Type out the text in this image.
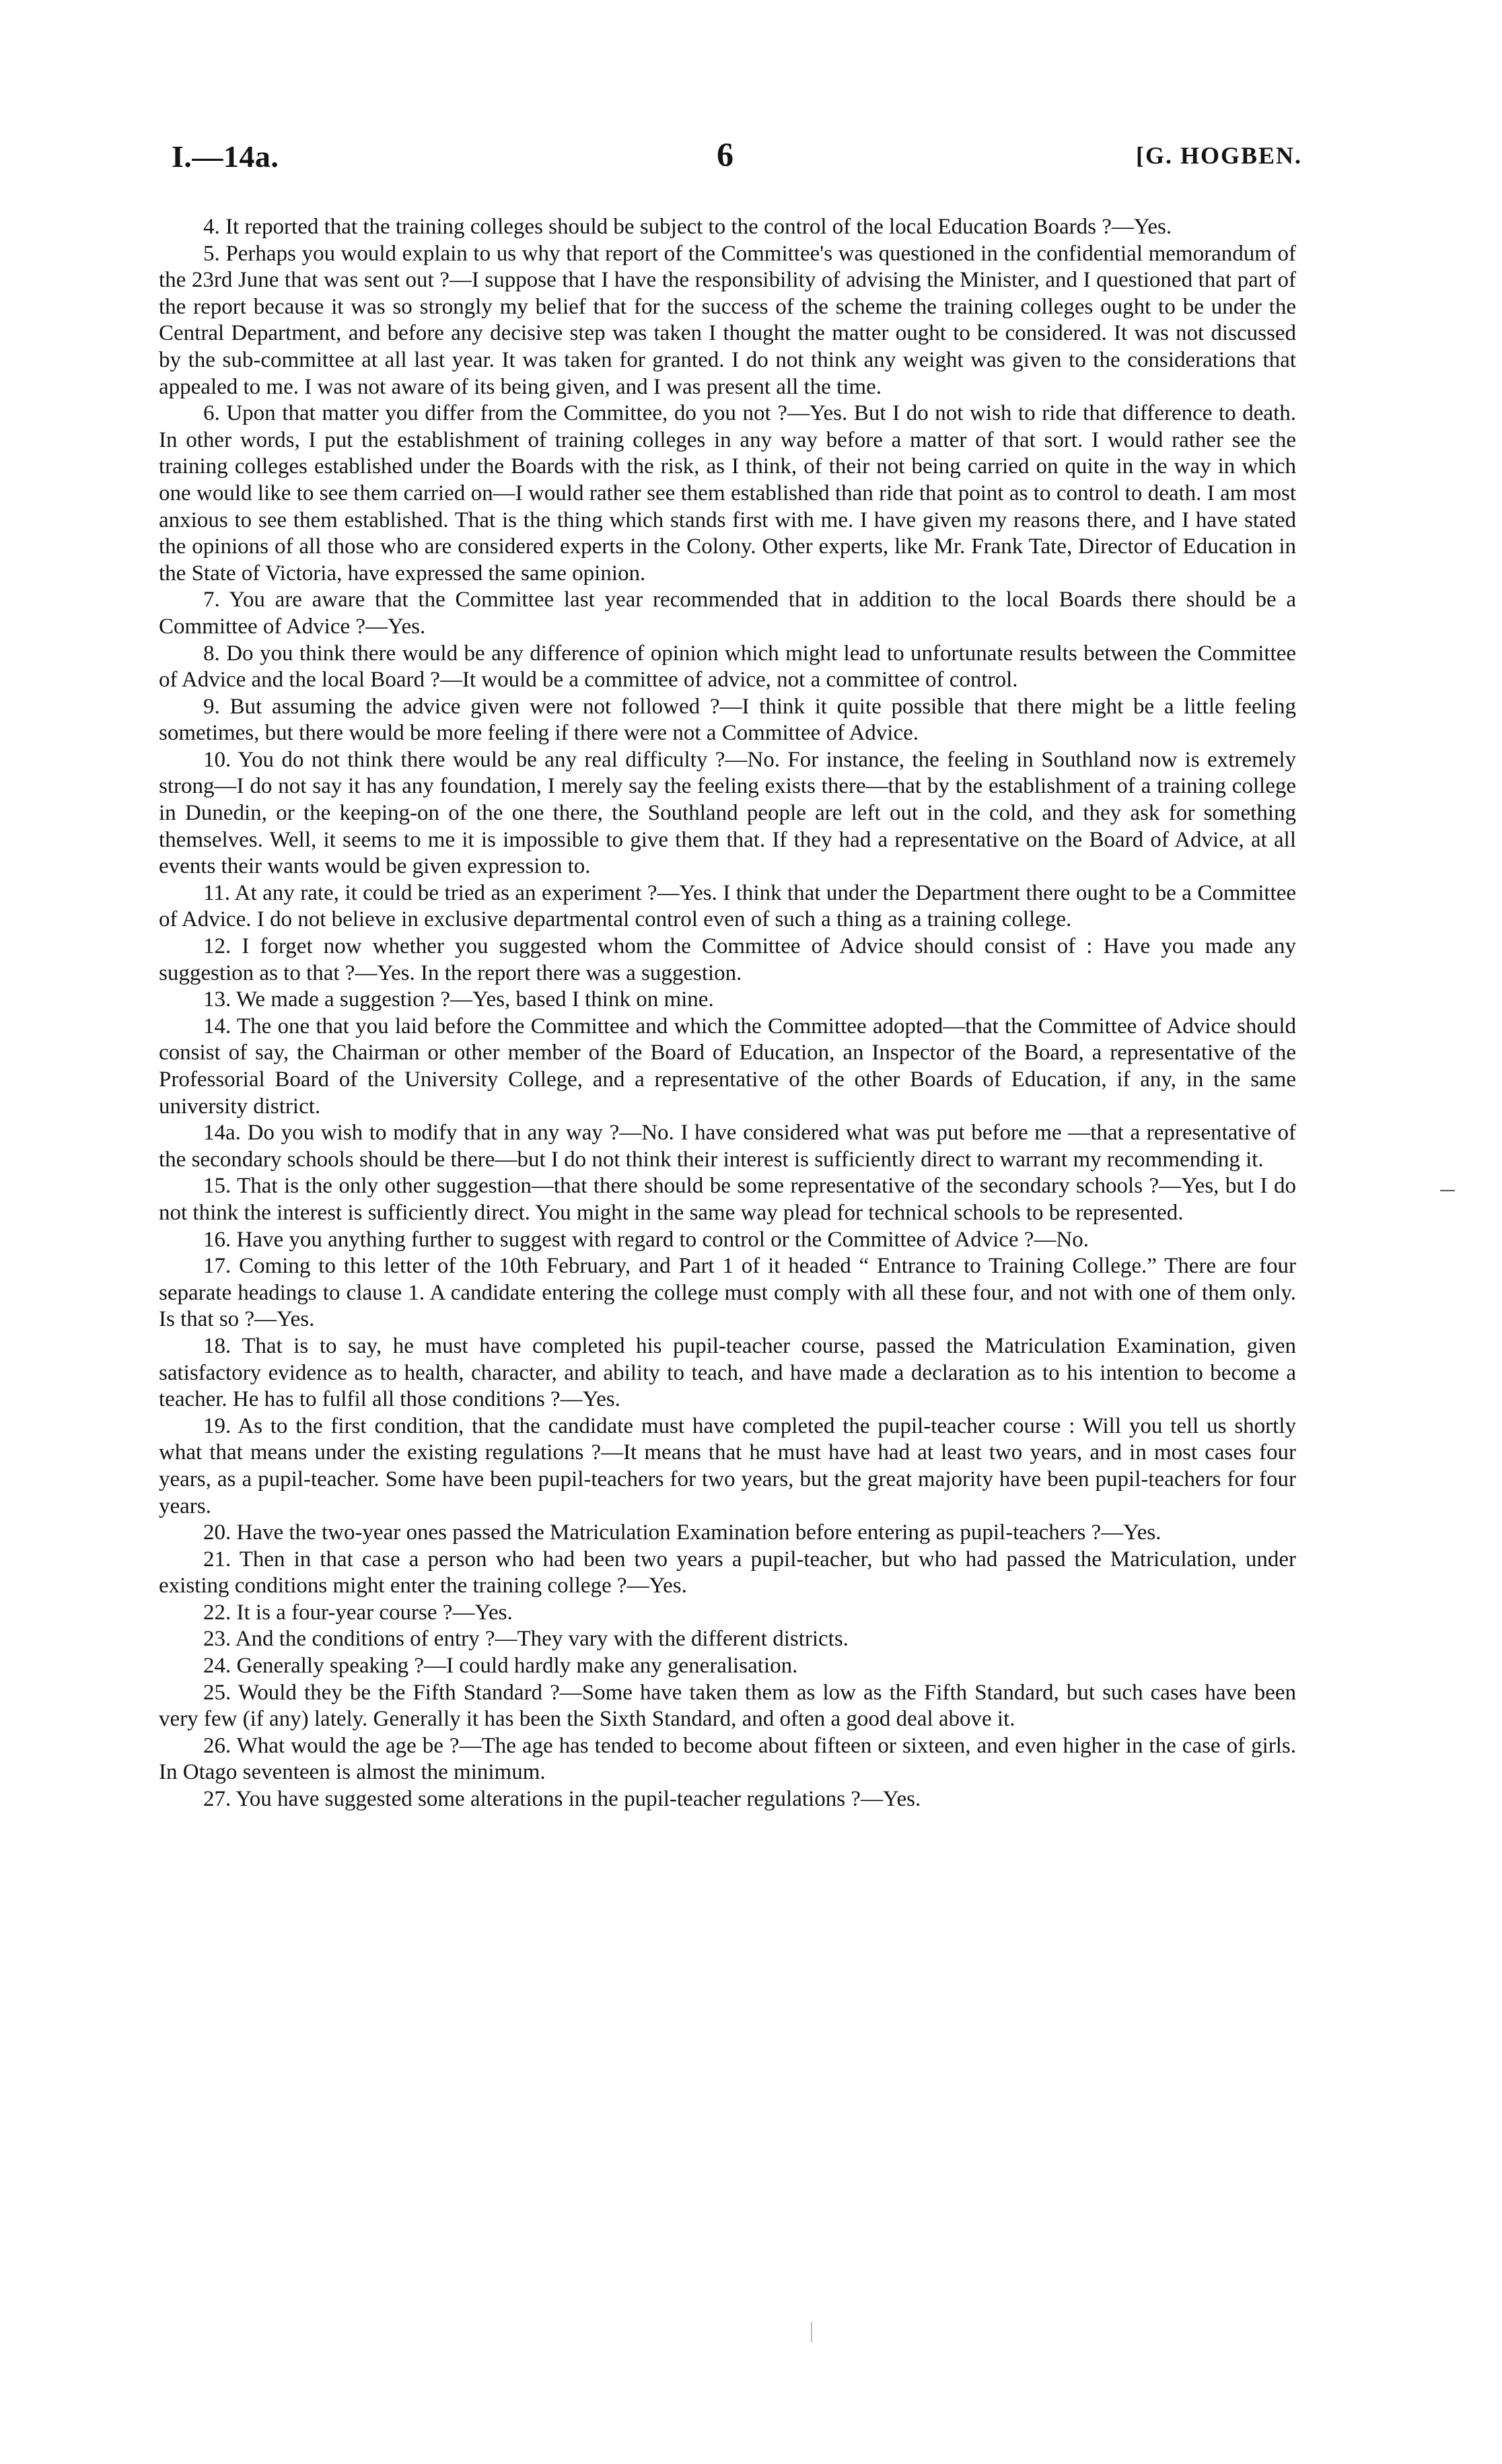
I.—14a.	6	[G. HOGBEN.

4. It reported that the training colleges should be subject to the control of the local Education Boards ?—Yes.

5. Perhaps you would explain to us why that report of the Committee's was questioned in the confidential memorandum of the 23rd June that was sent out ?—I suppose that I have the responsibility of advising the Minister, and I questioned that part of the report because it was so strongly my belief that for the success of the scheme the training colleges ought to be under the Central Department, and before any decisive step was taken I thought the matter ought to be considered. It was not discussed by the sub-committee at all last year. It was taken for granted. I do not think any weight was given to the considerations that appealed to me. I was not aware of its being given, and I was present all the time.

6. Upon that matter you differ from the Committee, do you not ?—Yes. But I do not wish to ride that difference to death. In other words, I put the establishment of training colleges in any way before a matter of that sort. I would rather see the training colleges established under the Boards with the risk, as I think, of their not being carried on quite in the way in which one would like to see them carried on—I would rather see them established than ride that point as to control to death. I am most anxious to see them established. That is the thing which stands first with me. I have given my reasons there, and I have stated the opinions of all those who are considered experts in the Colony. Other experts, like Mr. Frank Tate, Director of Education in the State of Victoria, have expressed the same opinion.

7. You are aware that the Committee last year recommended that in addition to the local Boards there should be a Committee of Advice ?—Yes.

8. Do you think there would be any difference of opinion which might lead to unfortunate results between the Committee of Advice and the local Board ?—It would be a committee of advice, not a committee of control.

9. But assuming the advice given were not followed ?—I think it quite possible that there might be a little feeling sometimes, but there would be more feeling if there were not a Committee of Advice.

10. You do not think there would be any real difficulty ?—No. For instance, the feeling in Southland now is extremely strong—I do not say it has any foundation, I merely say the feeling exists there—that by the establishment of a training college in Dunedin, or the keeping-on of the one there, the Southland people are left out in the cold, and they ask for something themselves. Well, it seems to me it is impossible to give them that. If they had a representative on the Board of Advice, at all events their wants would be given expression to.

11. At any rate, it could be tried as an experiment ?—Yes. I think that under the Department there ought to be a Committee of Advice. I do not believe in exclusive departmental control even of such a thing as a training college.

12. I forget now whether you suggested whom the Committee of Advice should consist of : Have you made any suggestion as to that ?—Yes. In the report there was a suggestion.

13. We made a suggestion ?—Yes, based I think on mine.

14. The one that you laid before the Committee and which the Committee adopted—that the Committee of Advice should consist of say, the Chairman or other member of the Board of Education, an Inspector of the Board, a representative of the Professorial Board of the University College, and a representative of the other Boards of Education, if any, in the same university district.

14a. Do you wish to modify that in any way ?—No. I have considered what was put before me —that a representative of the secondary schools should be there—but I do not think their interest is sufficiently direct to warrant my recommending it.

15. That is the only other suggestion—that there should be some representative of the secondary schools ?—Yes, but I do not think the interest is sufficiently direct. You might in the same way plead for technical schools to be represented.

16. Have you anything further to suggest with regard to control or the Committee of Advice ?—No.

17. Coming to this letter of the 10th February, and Part 1 of it headed “ Entrance to Training College.” There are four separate headings to clause 1. A candidate entering the college must comply with all these four, and not with one of them only. Is that so ?—Yes.

18. That is to say, he must have completed his pupil-teacher course, passed the Matriculation Examination, given satisfactory evidence as to health, character, and ability to teach, and have made a declaration as to his intention to become a teacher. He has to fulfil all those conditions ?—Yes.

19. As to the first condition, that the candidate must have completed the pupil-teacher course : Will you tell us shortly what that means under the existing regulations ?—It means that he must have had at least two years, and in most cases four years, as a pupil-teacher. Some have been pupil-teachers for two years, but the great majority have been pupil-teachers for four years.

20. Have the two-year ones passed the Matriculation Examination before entering as pupil-teachers ?—Yes.

21. Then in that case a person who had been two years a pupil-teacher, but who had passed the Matriculation, under existing conditions might enter the training college ?—Yes.

22. It is a four-year course ?—Yes.

23. And the conditions of entry ?—They vary with the different districts.

24. Generally speaking ?—I could hardly make any generalisation.

25. Would they be the Fifth Standard ?—Some have taken them as low as the Fifth Standard, but such cases have been very few (if any) lately. Generally it has been the Sixth Standard, and often a good deal above it.

26. What would the age be ?—The age has tended to become about fifteen or sixteen, and even higher in the case of girls. In Otago seventeen is almost the minimum.

27. You have suggested some alterations in the pupil-teacher regulations ?—Yes.
